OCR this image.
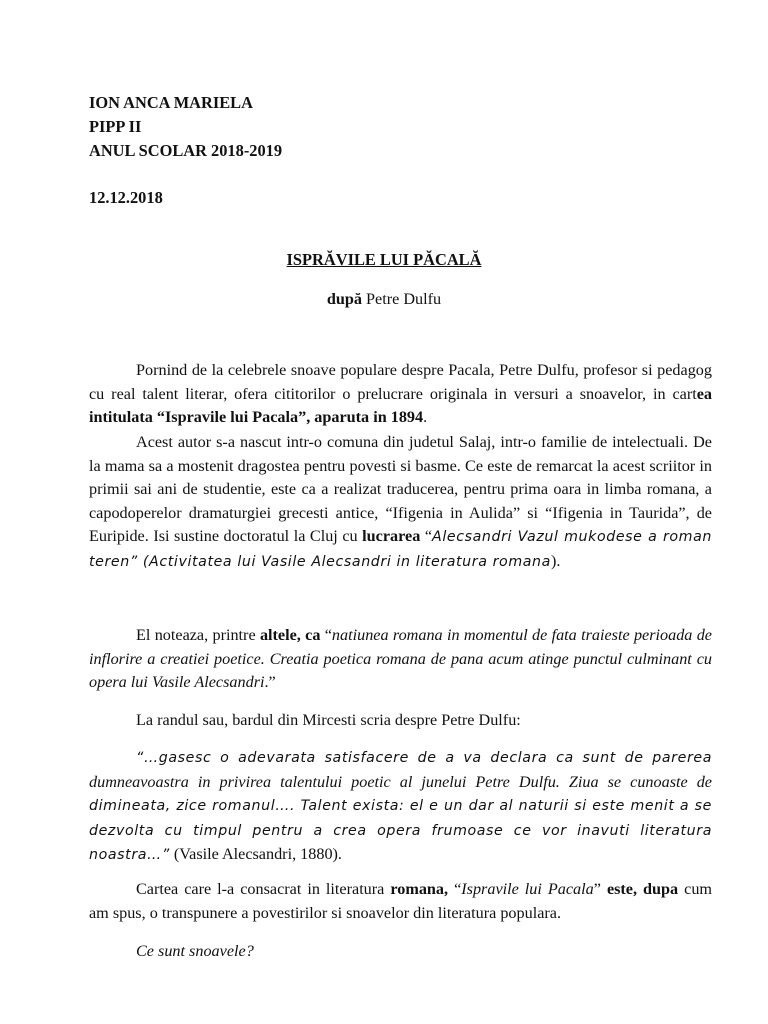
ION ANCA MARIELA
PIPP II
ANUL SCOLAR 2018-2019
12.12.2018
ISPRĂVILE LUI PĂCALĂ
după Petre Dulfu

Pornind de la celebrele snoave populare despre Pacala, Petre Dulfu, profesor si pedagog cu real talent literar, ofera cititorilor o prelucrare originala in versuri a snoavelor, in cartea intitulata “Ispravile lui Pacala”, aparuta in 1894.

Acest autor s-a nascut intr-o comuna din judetul Salaj, intr-o familie de intelectuali. De la mama sa a mostenit dragostea pentru povesti si basme. Ce este de remarcat la acest scriitor in primii sai ani de studentie, este ca a realizat traducerea, pentru prima oara in limba romana, a capodoperelor dramaturgiei grecesti antice, “Ifigenia in Aulida” si “Ifigenia in Taurida”, de Euripide. Isi sustine doctoratul la Cluj cu lucrarea “Alecsandri Vazul mukodese a roman teren” (Activitatea lui Vasile Alecsandri in literatura romana).

El noteaza, printre altele, ca “natiunea romana in momentul de fata traieste perioada de inflorire a creatiei poetice. Creatia poetica romana de pana acum atinge punctul culminant cu opera lui Vasile Alecsandri.”

La randul sau, bardul din Mircesti scria despre Petre Dulfu:

“…gasesc o adevarata satisfacere de a va declara ca sunt de parerea dumneavoastra in privirea talentului poetic al junelui Petre Dulfu. Ziua se cunoaste de dimineata, zice romanul…. Talent exista: el e un dar al naturii si este menit a se dezvolta cu timpul pentru a crea opera frumoase ce vor inavuti literatura noastra…” (Vasile Alecsandri, 1880).

Cartea care l-a consacrat in literatura romana, “Ispravile lui Pacala” este, dupa cum am spus, o transpunere a povestirilor si snoavelor din literatura populara.

Ce sunt snoavele?
